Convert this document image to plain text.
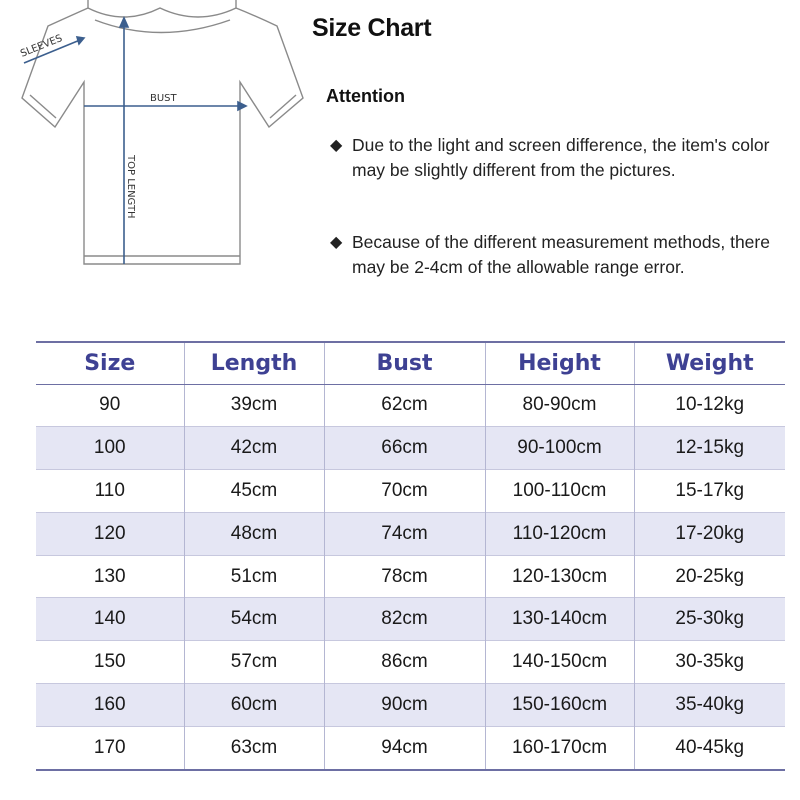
SLEEVES
BUST
TOP LENGTH
Size Chart
Attention
◆ Due to the light and screen difference, the item's color may be slightly different from the pictures.
◆ Because of the different measurement methods, there may be 2-4cm of the allowable range error.
Size	Length	Bust	Height	Weight
90	39cm	62cm	80-90cm	10-12kg
100	42cm	66cm	90-100cm	12-15kg
110	45cm	70cm	100-110cm	15-17kg
120	48cm	74cm	110-120cm	17-20kg
130	51cm	78cm	120-130cm	20-25kg
140	54cm	82cm	130-140cm	25-30kg
150	57cm	86cm	140-150cm	30-35kg
160	60cm	90cm	150-160cm	35-40kg
170	63cm	94cm	160-170cm	40-45kg
